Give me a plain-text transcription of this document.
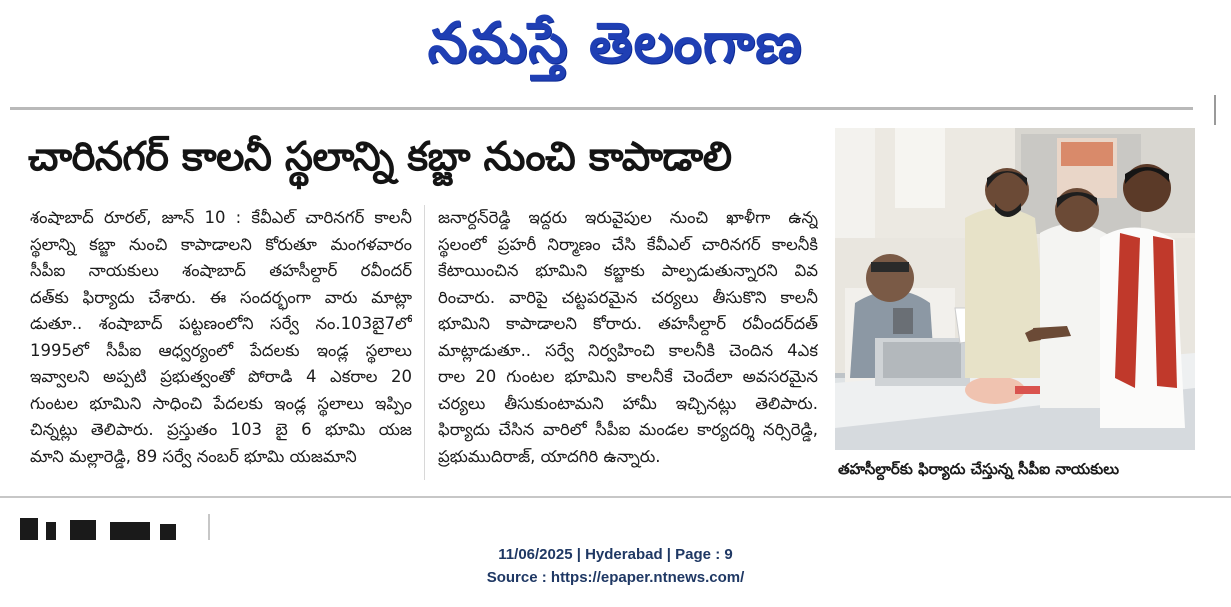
నమస్తే తెలంగాణ
చారినగర్ కాలనీ స్థలాన్ని కబ్జా నుంచి కాపాడాలి
శంషాబాద్ రూరల్, జూన్ 10 : కేవీఎల్ చారినగర్ కాలనీ
స్థలాన్ని కబ్జా నుంచి కాపాడాలని కోరుతూ మంగళవారం
సీపీఐ నాయకులు శంషాబాద్ తహసీల్దార్ రవీందర్
దత్‌కు ఫిర్యాదు చేశారు. ఈ సందర్భంగా వారు మాట్లా
డుతూ.. శంషాబాద్ పట్టణంలోని సర్వే నం.103బై7లో
1995లో సీపీఐ ఆధ్వర్యంలో పేదలకు ఇండ్ల స్థలాలు
ఇవ్వాలని అప్పటి ప్రభుత్వంతో పోరాడి 4 ఎకరాల 20
గుంటల భూమిని సాధించి పేదలకు ఇండ్ల స్థలాలు ఇప్పిం
చిన్నట్లు తెలిపారు. ప్రస్తుతం 103 బై 6 భూమి యజ
మాని మల్లారెడ్డి, 89 సర్వే నంబర్ భూమి యజమాని
జనార్దన్‌రెడ్డి ఇద్దరు ఇరువైపుల నుంచి ఖాళీగా ఉన్న
స్థలంలో ప్రహరీ నిర్మాణం చేసి కేవీఎల్ చారినగర్ కాలనీకి
కేటాయించిన భూమిని కబ్జాకు పాల్పడుతున్నారని వివ
రించారు. వారిపై చట్టపరమైన చర్యలు తీసుకొని కాలనీ
భూమిని కాపాడాలని కోరారు. తహసీల్దార్ రవీందర్‌దత్
మాట్లాడుతూ.. సర్వే నిర్వహించి కాలనీకి చెందిన 4ఎక
రాల 20 గుంటల భూమిని కాలనీకే చెందేలా అవసరమైన
చర్యలు తీసుకుంటామని హామీ ఇచ్చినట్లు తెలిపారు.
ఫిర్యాదు చేసిన వారిలో సీపీఐ మండల కార్యదర్శి నర్సిరెడ్డి,
ప్రభుముదిరాజ్, యాదగిరి ఉన్నారు.
తహసీల్దార్‌కు ఫిర్యాదు చేస్తున్న సీపీఐ నాయకులు
11/06/2025 | Hyderabad | Page : 9
Source : https://epaper.ntnews.com/
